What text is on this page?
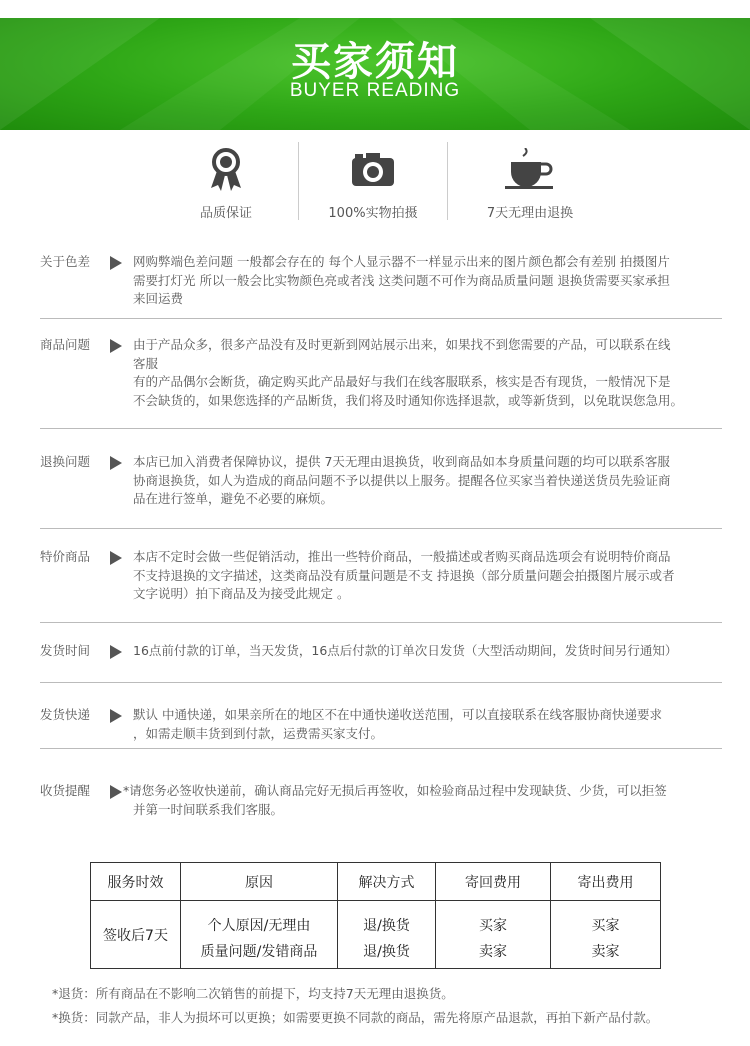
买家须知
BUYER READING
品质保证	100%实物拍摄	7天无理由退换
关于色差	网购弊端色差问题 一般都会存在的 每个人显示器不一样显示出来的图片颜色都会有差别 拍摄图片
需要打灯光 所以一般会比实物颜色亮或者浅 这类问题不可作为商品质量问题 退换货需要买家承担
来回运费
商品问题	由于产品众多，很多产品没有及时更新到网站展示出来，如果找不到您需要的产品，可以联系在线
客服
有的产品偶尔会断货，确定购买此产品最好与我们在线客服联系，核实是否有现货，一般情况下是
不会缺货的，如果您选择的产品断货，我们将及时通知你选择退款，或等新货到，以免耽误您急用。
退换问题	本店已加入消费者保障协议，提供 7天无理由退换货，收到商品如本身质量问题的均可以联系客服
协商退换货，如人为造成的商品问题不予以提供以上服务。提醒各位买家当着快递送货员先验证商
品在进行签单，避免不必要的麻烦。
特价商品	本店不定时会做一些促销活动，推出一些特价商品，一般描述或者购买商品选项会有说明特价商品
不支持退换的文字描述，这类商品没有质量问题是不支 持退换（部分质量问题会拍摄图片展示或者
文字说明）拍下商品及为接受此规定 。
发货时间	16点前付款的订单，当天发货，16点后付款的订单次日发货（大型活动期间，发货时间另行通知）
发货快递	默认 中通快递，如果亲所在的地区不在中通快递收送范围，可以直接联系在线客服协商快递要求
，如需走顺丰货到到付款，运费需买家支付。
收货提醒	*请您务必签收快递前，确认商品完好无损后再签收，如检验商品过程中发现缺货、少货，可以拒签
并第一时间联系我们客服。
服务时效	原因	解决方式	寄回费用	寄出费用
签收后7天	个人原因/无理由	退/换货	买家	买家
	质量问题/发错商品	退/换货	卖家	卖家
*退货：所有商品在不影响二次销售的前提下，均支持7天无理由退换货。
*换货：同款产品，非人为损坏可以更换；如需要更换不同款的商品，需先将原产品退款，再拍下新产品付款。
